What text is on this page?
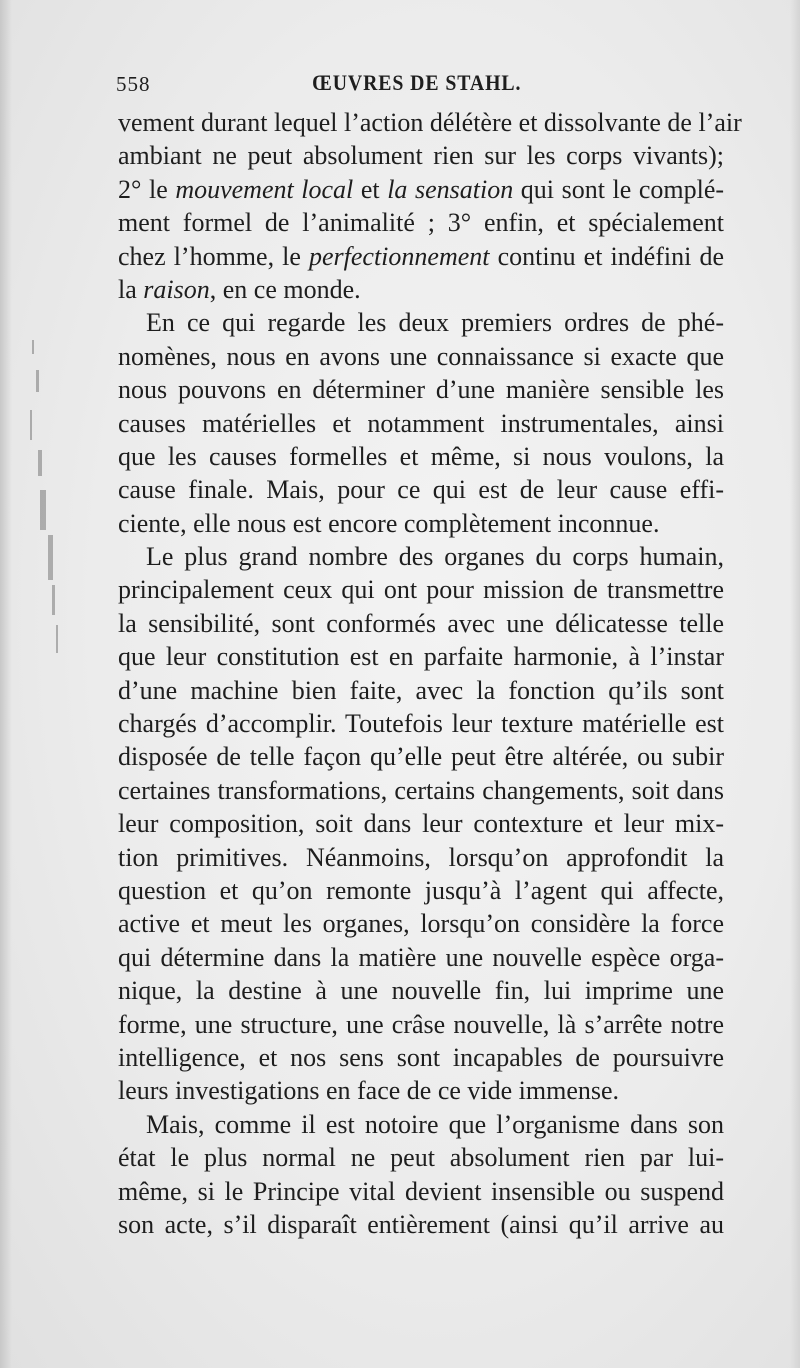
558	ŒUVRES DE STAHL.
vement durant lequel l’action délétère et dissolvante de l’air
ambiant ne peut absolument rien sur les corps vivants);
2° le mouvement local et la sensation qui sont le complé-
ment formel de l’animalité ; 3° enfin, et spécialement
chez l’homme, le perfectionnement continu et indéfini de
la raison, en ce monde.
En ce qui regarde les deux premiers ordres de phé-
nomènes, nous en avons une connaissance si exacte que
nous pouvons en déterminer d’une manière sensible les
causes matérielles et notamment instrumentales, ainsi
que les causes formelles et même, si nous voulons, la
cause finale. Mais, pour ce qui est de leur cause effi-
ciente, elle nous est encore complètement inconnue.
Le plus grand nombre des organes du corps humain,
principalement ceux qui ont pour mission de transmettre
la sensibilité, sont conformés avec une délicatesse telle
que leur constitution est en parfaite harmonie, à l’instar
d’une machine bien faite, avec la fonction qu’ils sont
chargés d’accomplir. Toutefois leur texture matérielle est
disposée de telle façon qu’elle peut être altérée, ou subir
certaines transformations, certains changements, soit dans
leur composition, soit dans leur contexture et leur mix-
tion primitives. Néanmoins, lorsqu’on approfondit la
question et qu’on remonte jusqu’à l’agent qui affecte,
active et meut les organes, lorsqu’on considère la force
qui détermine dans la matière une nouvelle espèce orga-
nique, la destine à une nouvelle fin, lui imprime une
forme, une structure, une crâse nouvelle, là s’arrête notre
intelligence, et nos sens sont incapables de poursuivre
leurs investigations en face de ce vide immense.
Mais, comme il est notoire que l’organisme dans son
état le plus normal ne peut absolument rien par lui-
même, si le Principe vital devient insensible ou suspend
son acte, s’il disparaît entièrement (ainsi qu’il arrive au
